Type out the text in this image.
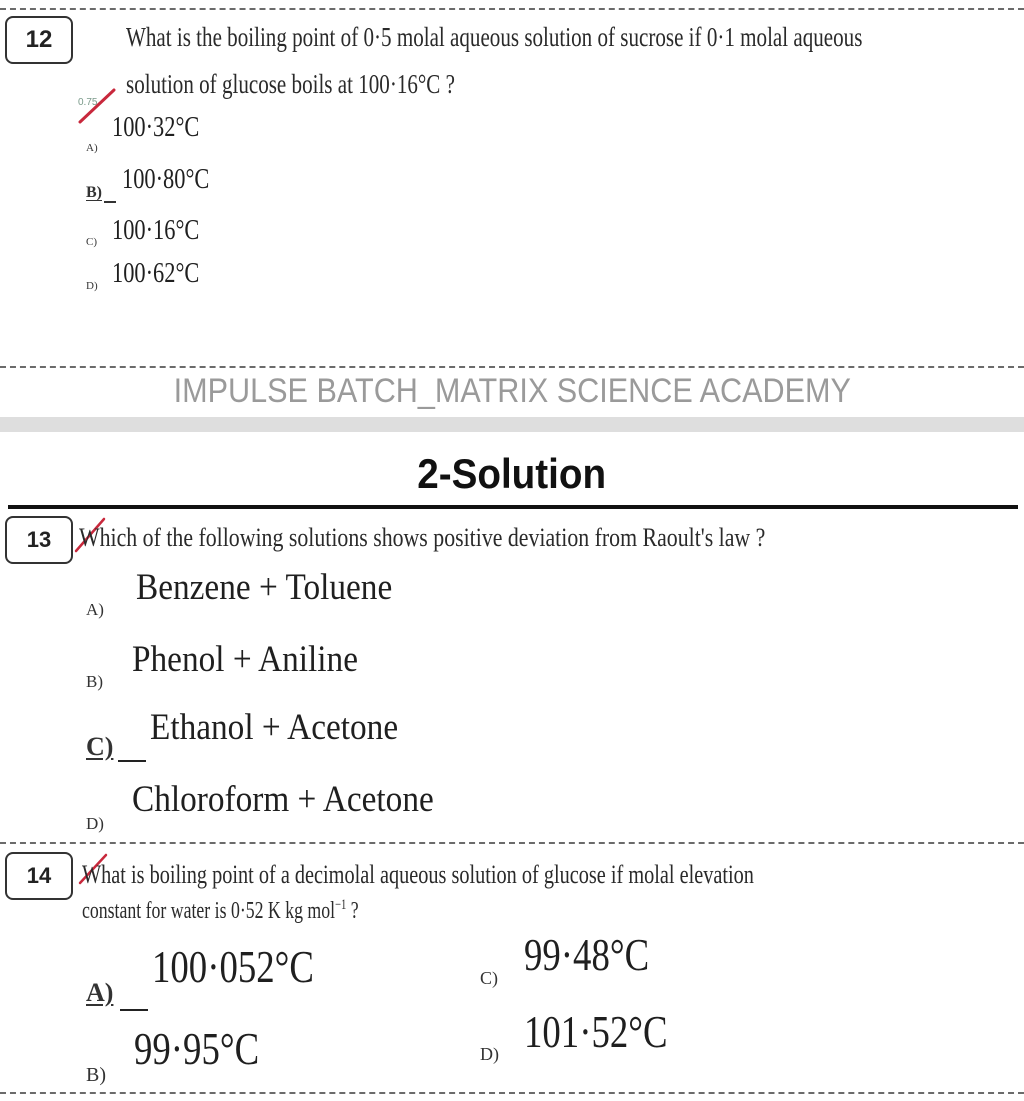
12	What is the boiling point of 0·5 molal aqueous solution of sucrose if 0·1 molal aqueous
solution of glucose boils at 100·16°C ?
0.75
A)
100·32°C
B) 100·80°C
C) 100·16°C
D) 100·62°C
IMPULSE BATCH_MATRIX SCIENCE ACADEMY
2-Solution
13	Which of the following solutions shows positive deviation from Raoult's law ?
A)
Benzene + Toluene
B)
Phenol + Aniline
C) Ethanol + Acetone
D)
Chloroform + Acetone
14	What is boiling point of a decimolal aqueous solution of glucose if molal elevation
constant for water is 0·52 K kg mol$^{-1}$ ?
A)
100·052°C
B)
99·95°C
C) 99·48°C
D) 101·52°C
